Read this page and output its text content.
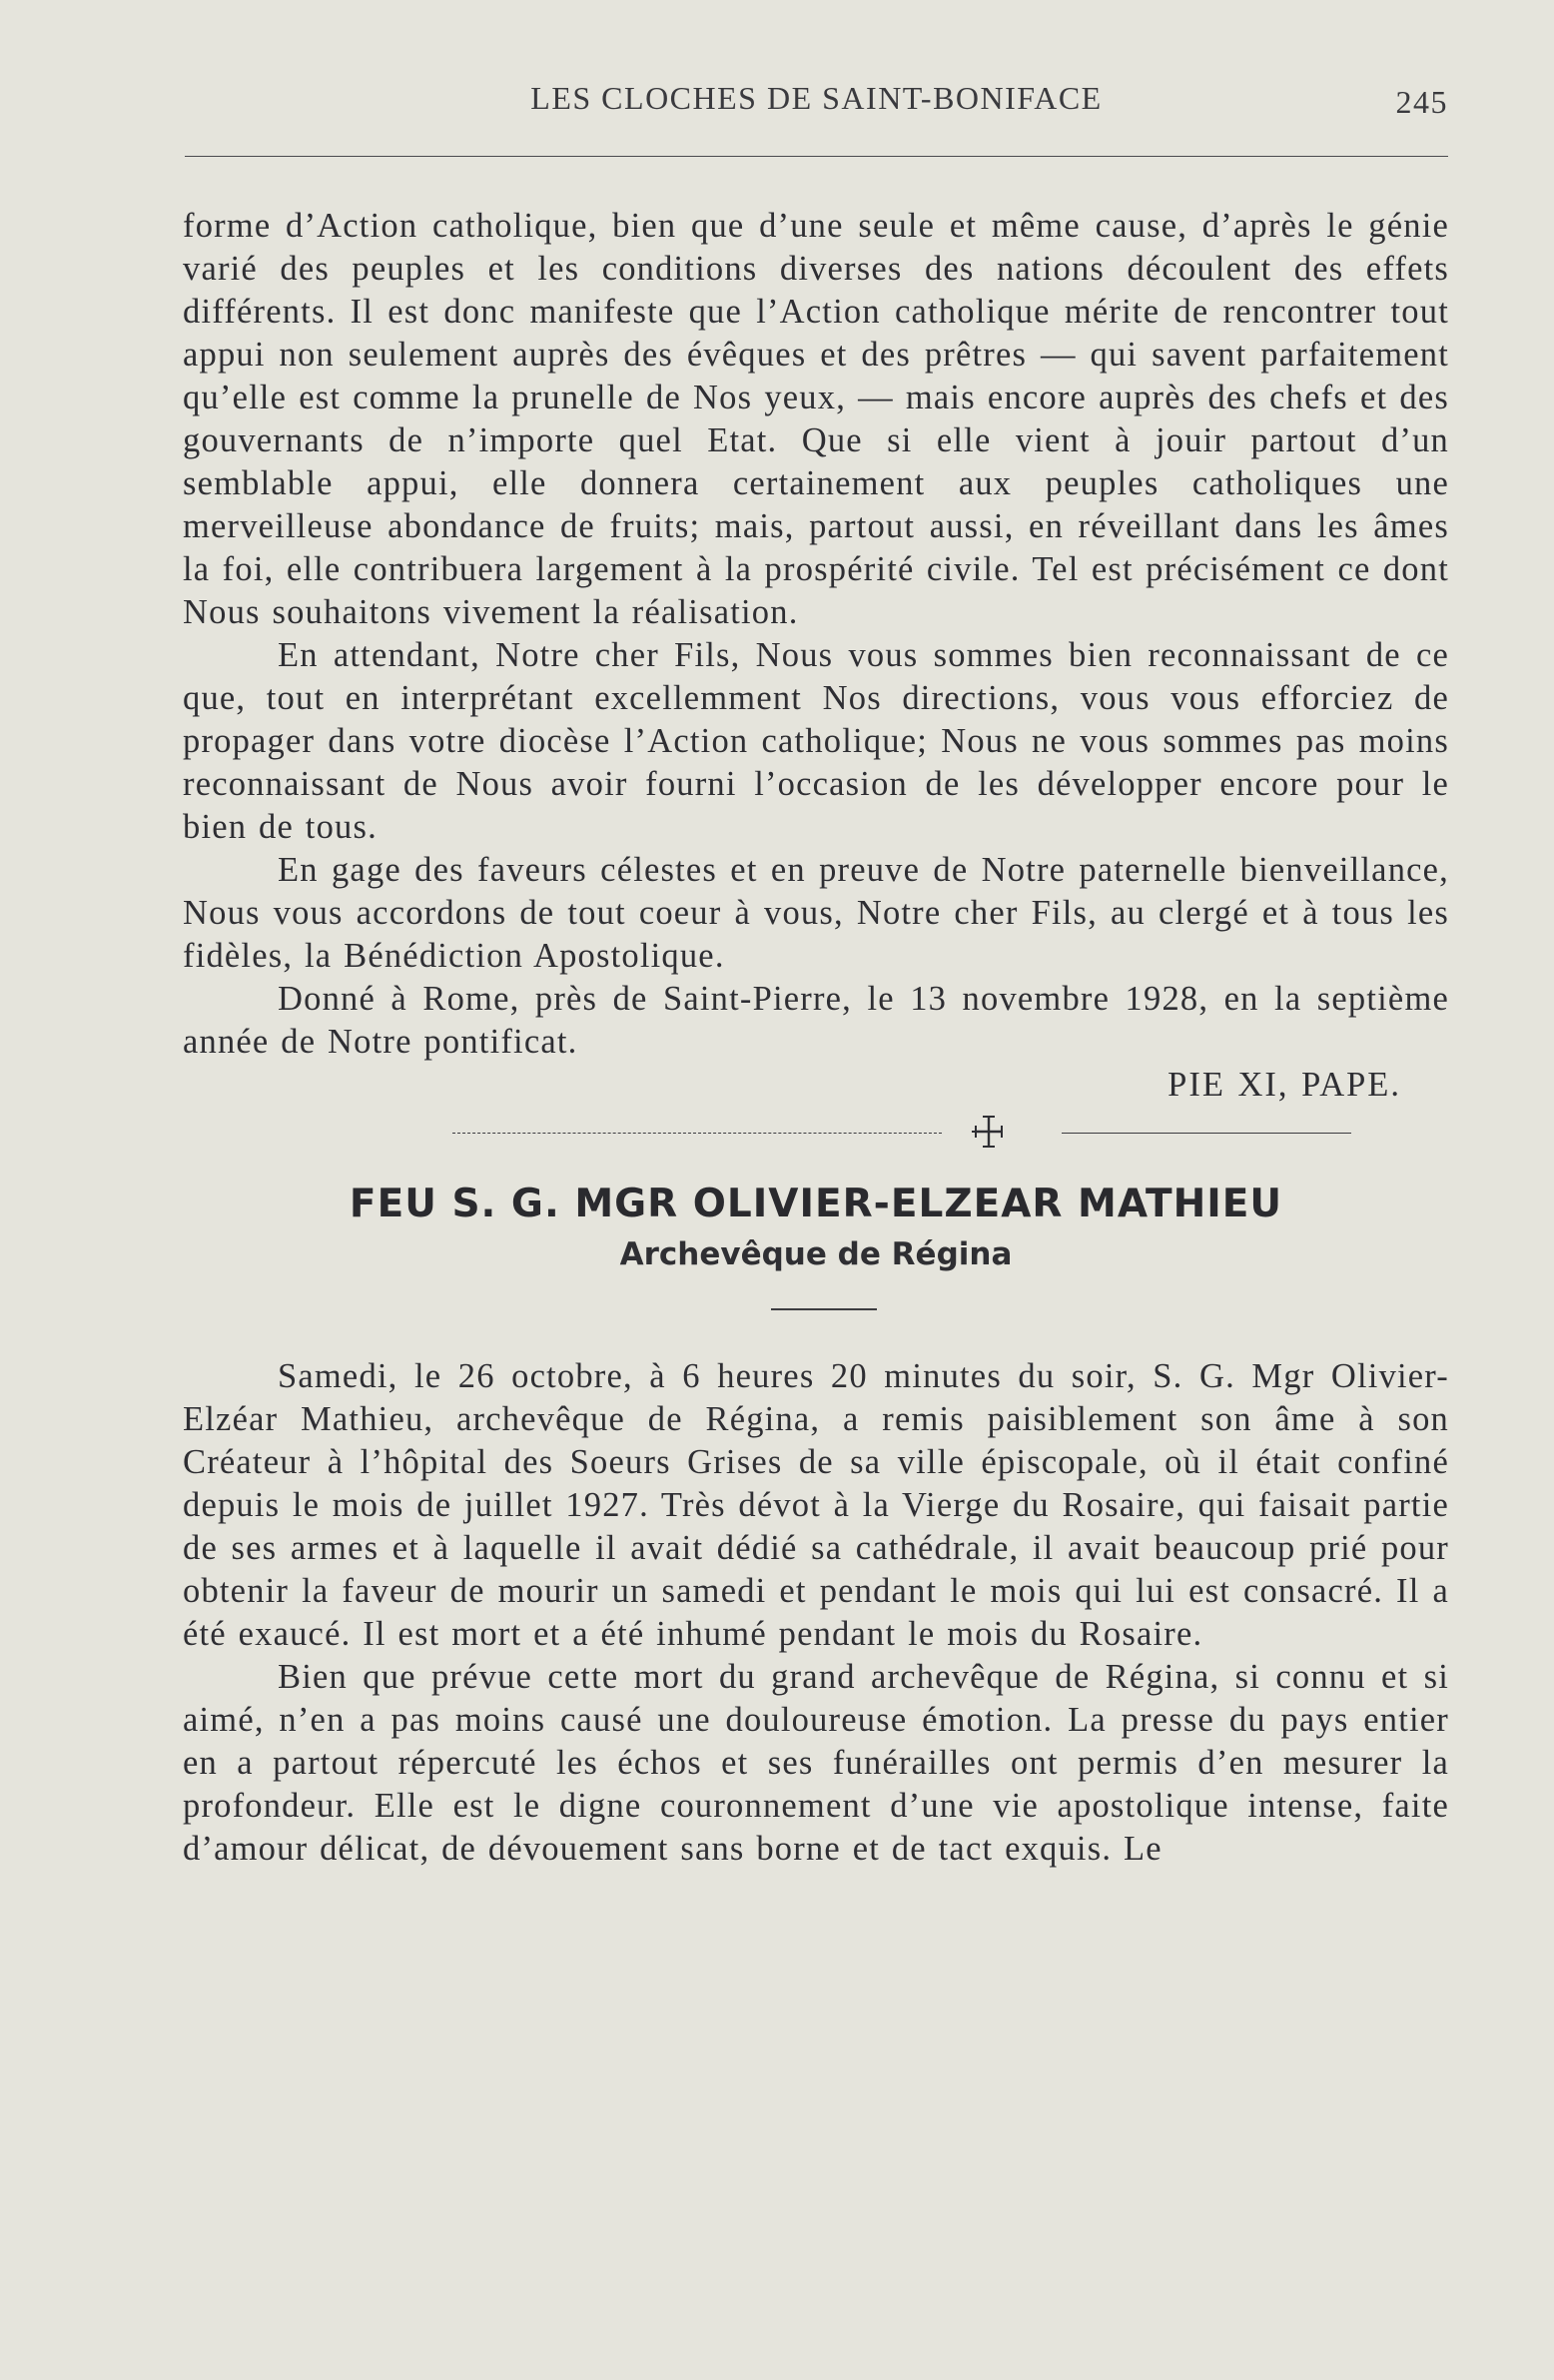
LES CLOCHES DE SAINT-BONIFACE	245

forme d’Action catholique, bien que d’une seule et même cause, d’après le génie varié des peuples et les conditions diverses des nations découlent des effets différents. Il est donc manifeste que l’Action catholique mérite de rencontrer tout appui non seulement auprès des évêques et des prêtres — qui savent parfaitement qu’elle est comme la prunelle de Nos yeux, — mais encore auprès des chefs et des gouvernants de n’importe quel Etat. Que si elle vient à jouir partout d’un semblable appui, elle donnera certainement aux peuples catholiques une merveilleuse abondance de fruits; mais, partout aussi, en réveillant dans les âmes la foi, elle contribuera largement à la prospérité civile. Tel est précisément ce dont Nous souhaitons vivement la réalisation.

En attendant, Notre cher Fils, Nous vous sommes bien reconnaissant de ce que, tout en interprétant excellemment Nos directions, vous vous efforciez de propager dans votre diocèse l’Action catholique; Nous ne vous sommes pas moins reconnaissant de Nous avoir fourni l’occasion de les développer encore pour le bien de tous.

En gage des faveurs célestes et en preuve de Notre paternelle bienveillance, Nous vous accordons de tout coeur à vous, Notre cher Fils, au clergé et à tous les fidèles, la Bénédiction Apostolique.

Donné à Rome, près de Saint-Pierre, le 13 novembre 1928, en la septième année de Notre pontificat.

PIE XI, PAPE.

FEU S. G. MGR OLIVIER-ELZEAR MATHIEU
Archevêque de Régina

Samedi, le 26 octobre, à 6 heures 20 minutes du soir, S. G. Mgr Olivier-Elzéar Mathieu, archevêque de Régina, a remis paisiblement son âme à son Créateur à l’hôpital des Soeurs Grises de sa ville épiscopale, où il était confiné depuis le mois de juillet 1927. Très dévot à la Vierge du Rosaire, qui faisait partie de ses armes et à laquelle il avait dédié sa cathédrale, il avait beaucoup prié pour obtenir la faveur de mourir un samedi et pendant le mois qui lui est consacré. Il a été exaucé. Il est mort et a été inhumé pendant le mois du Rosaire.

Bien que prévue cette mort du grand archevêque de Régina, si connu et si aimé, n’en a pas moins causé une douloureuse émotion. La presse du pays entier en a partout répercuté les échos et ses funérailles ont permis d’en mesurer la profondeur. Elle est le digne couronnement d’une vie apostolique intense, faite d’amour délicat, de dévouement sans borne et de tact exquis. Le
